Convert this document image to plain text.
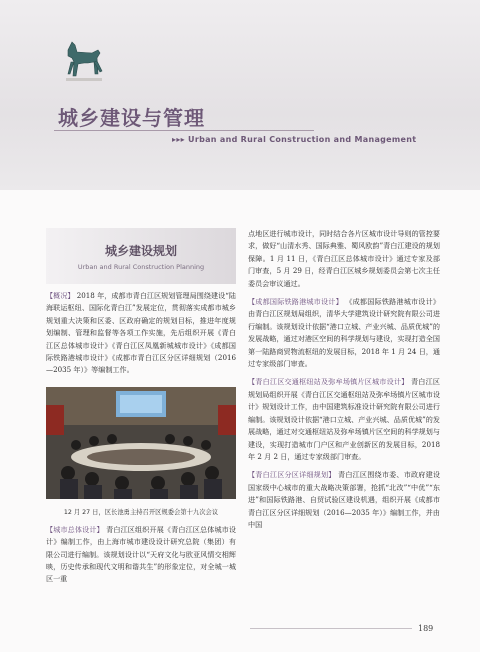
城乡建设与管理
▸▸▸ Urban and Rural Construction and Management
城乡建设规划
Urban and Rural Construction Planning

【概况】 2018 年，成都市青白江区规划管理局围绕建设“陆海联运枢纽、国际化青白江”发展定位，贯彻落实成都市城乡规划重大决策和区委、区政府确定的规划目标，推进年度规划编制、管理和监督等各项工作实施，先后组织开展《青白江区总体城市设计》《青白江区凤凰新城城市设计》《成都国际铁路港城市设计》《成都市青白江区分区详细规划（2016—2035 年）》等编制工作。

12 月 27 日，区长池勇主持召开区规委会第十九次会议

【城市总体设计】 青白江区组织开展《青白江区总体城市设计》编制工作，由上海市城市建设设计研究总院（集团）有限公司进行编制。该规划设计以“天府文化与欧亚风情交相辉映，历史传承和现代文明和谐共生”的形象定位，对全城一城区一重

点地区进行城市设计，同时结合各片区城市设计导则的管控要求，做好“山清水秀、国际典雅、蜀风欧韵”青白江建设的规划保障。1 月 11 日，《青白江区总体城市设计》通过专家及部门审查，5 月 29 日，经青白江区城乡规划委员会第七次主任委员会审议通过。

【成都国际铁路港城市设计】 《成都国际铁路港城市设计》由青白江区规划局组织，清华大学建筑设计研究院有限公司进行编制。该规划设计依据“港口立城、产业兴城、品质优城”的发展战略，通过对港区空间的科学规划与建设，实现打造全国第一陆路商贸物流枢纽的发展目标，2018 年 1 月 24 日，通过专家级部门审查。

【青白江区交通枢纽站及弥牟场镇片区城市设计】 青白江区规划局组织开展《青白江区交通枢纽站及弥牟场镇片区城市设计》规划设计工作，由中国建筑标准设计研究院有限公司进行编制。该规划设计依据“港口立城、产业兴城、品质优城”的发展战略，通过对交通枢纽站及弥牟场镇片区空间的科学规划与建设，实现打造城市门户区和产业创新区的发展目标，2018 年 2 月 2 日，通过专家级部门审查。

【青白江区分区详细规划】 青白江区围绕市委、市政府建设国家级中心城市的重大战略决策部署，抢抓“北改”“中优”“东进”和国际铁路港、自贸试验区建设机遇，组织开展《成都市青白江区分区详细规划（2016—2035 年）》编制工作，并由中国

189
